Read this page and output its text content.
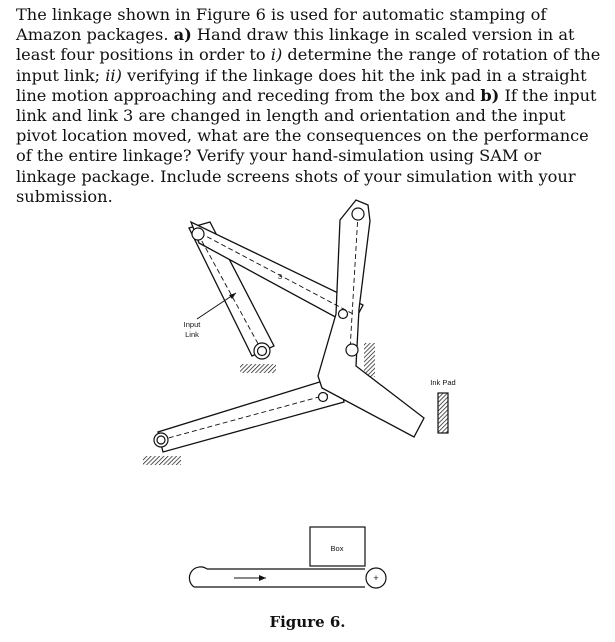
The linkage shown in Figure 6 is used for automatic stamping of Amazon packages. a) Hand draw this linkage in scaled version in at least four positions in order to i) determine the range of rotation of the input link; ii) verifying if the linkage does hit the ink pad in a straight line motion approaching and receding from the box and b) If the input link and link 3 are changed in length and orientation and the input pivot location moved, what are the consequences on the performance of the entire linkage? Verify your hand-simulation using SAM or linkage package. Include screens shots of your simulation with your submission.
Input
Link
3
Ink Pad
Box
+
Figure 6.
